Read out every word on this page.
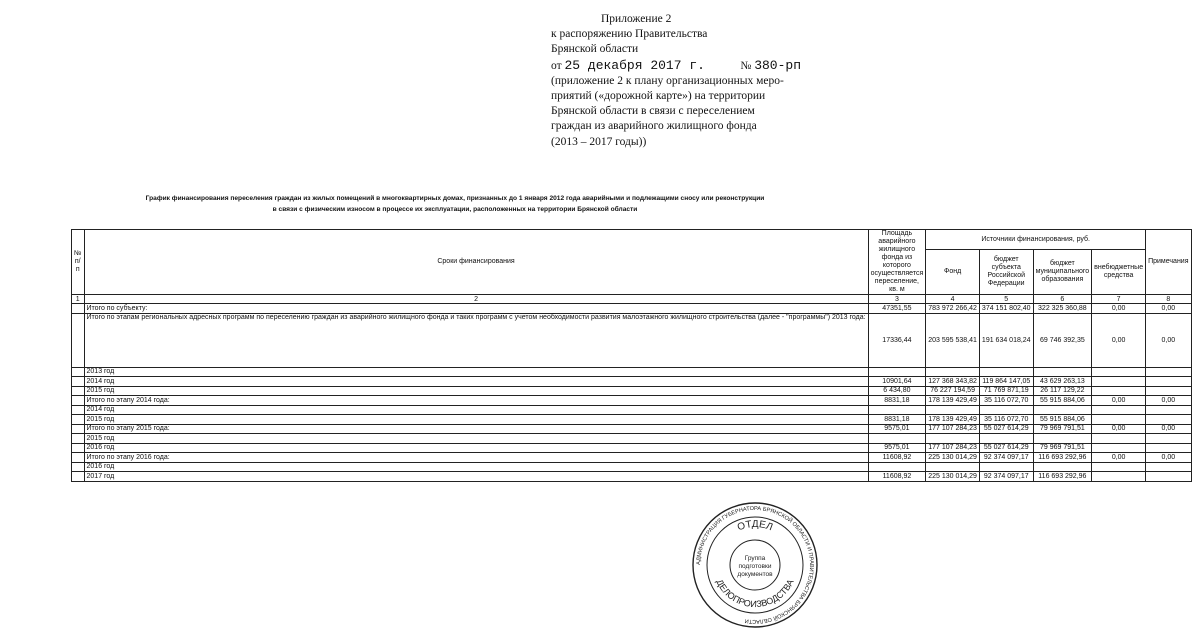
Приложение 2
к распоряжению Правительства
Брянской области
от 25 декабря 2017 г.	№ 380-рп
(приложение 2 к плану организационных меро-
приятий («дорожной карте») на территории
Брянской области в связи с переселением
граждан из аварийного жилищного фонда
(2013 – 2017 годы))
График финансирования переселения граждан из жилых помещений в многоквартирных домах, признанных до 1 января 2012 года аварийными и подлежащими сносу или реконструкции
в связи с физическим износом в процессе их эксплуатации, расположенных на территории Брянской области
№ п/п	Сроки финансирования	Площадь аварийного жилищного фонда из которого осуществляется переселение, кв. м	Источники финансирования, руб.				Примечания
			Фонд	бюджет субъекта Российской Федерации	бюджет муниципального образования	внебюджетные средства	
1	2	3	4	5	6	7	8
	Итого по субъекту:	47351,55	783 972 266,42	374 151 802,40	322 325 360,88	0,00	0,00
	Итого по этапам региональных адресных программ по переселению граждан из аварийного жилищного фонда и таких программ с учетом необходимости развития малоэтажного жилищного строительства (далее - "программы") 2013 года:	17336,44	203 595 538,41	191 634 018,24	69 746 392,35	0,00	0,00
	2013 год						
	2014 год	10901,64	127 368 343,82	119 864 147,05	43 629 263,13		
	2015 год	6 434,80	76 227 194,59	71 769 871,19	26 117 129,22		
	Итого по этапу 2014 года:	8831,18	178 139 429,49	35 116 072,70	55 915 884,06	0,00	0,00
	2014 год						
	2015 год	8831,18	178 139 429,49	35 116 072,70	55 915 884,06		
	Итого по этапу 2015 года:	9575,01	177 107 284,23	55 027 614,29	79 969 791,51	0,00	0,00
	2015 год						
	2016 год	9575,01	177 107 284,23	55 027 614,29	79 969 791,51		
	Итого по этапу 2016 года:	11608,92	225 130 014,29	92 374 097,17	116 693 292,96	0,00	0,00
	2016 год						
	2017 год	11608,92	225 130 014,29	92 374 097,17	116 693 292,96		
АДМИНИСТРАЦИЯ ГУБЕРНАТОРА БРЯНСКОЙ ОБЛАСТИ И ПРАВИТЕЛЬСТВА БРЯНСКОЙ ОБЛАСТИ
ОТДЕЛ
ДЕЛОПРОИЗВОДСТВА
Группа
подготовки
документов
